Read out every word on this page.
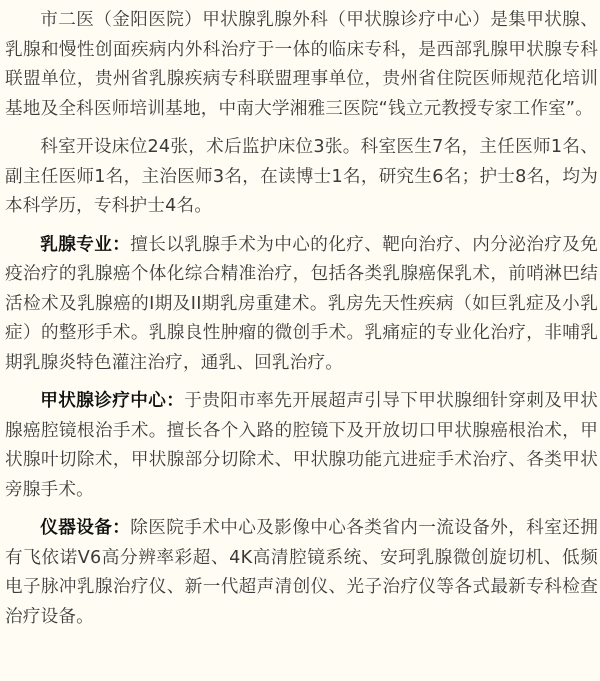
市二医（金阳医院）甲状腺乳腺外科（甲状腺诊疗中心）是集甲状腺、乳腺和慢性创面疾病内外科治疗于一体的临床专科，是西部乳腺甲状腺专科联盟单位，贵州省乳腺疾病专科联盟理事单位，贵州省住院医师规范化培训基地及全科医师培训基地，中南大学湘雅三医院“钱立元教授专家工作室”。

科室开设床位24张，术后监护床位3张。科室医生7名，主任医师1名、副主任医师1名，主治医师3名，在读博士1名，研究生6名；护士8名，均为本科学历，专科护士4名。

乳腺专业：擅长以乳腺手术为中心的化疗、靶向治疗、内分泌治疗及免疫治疗的乳腺癌个体化综合精准治疗，包括各类乳腺癌保乳术，前哨淋巴结活检术及乳腺癌的I期及II期乳房重建术。乳房先天性疾病（如巨乳症及小乳症）的整形手术。乳腺良性肿瘤的微创手术。乳痛症的专业化治疗，非哺乳期乳腺炎特色灌注治疗，通乳、回乳治疗。

甲状腺诊疗中心：于贵阳市率先开展超声引导下甲状腺细针穿刺及甲状腺癌腔镜根治手术。擅长各个入路的腔镜下及开放切口甲状腺癌根治术，甲状腺叶切除术，甲状腺部分切除术、甲状腺功能亢进症手术治疗、各类甲状旁腺手术。

仪器设备：除医院手术中心及影像中心各类省内一流设备外，科室还拥有飞依诺V6高分辨率彩超、4K高清腔镜系统、安珂乳腺微创旋切机、低频电子脉冲乳腺治疗仪、新一代超声清创仪、光子治疗仪等各式最新专科检查治疗设备。
